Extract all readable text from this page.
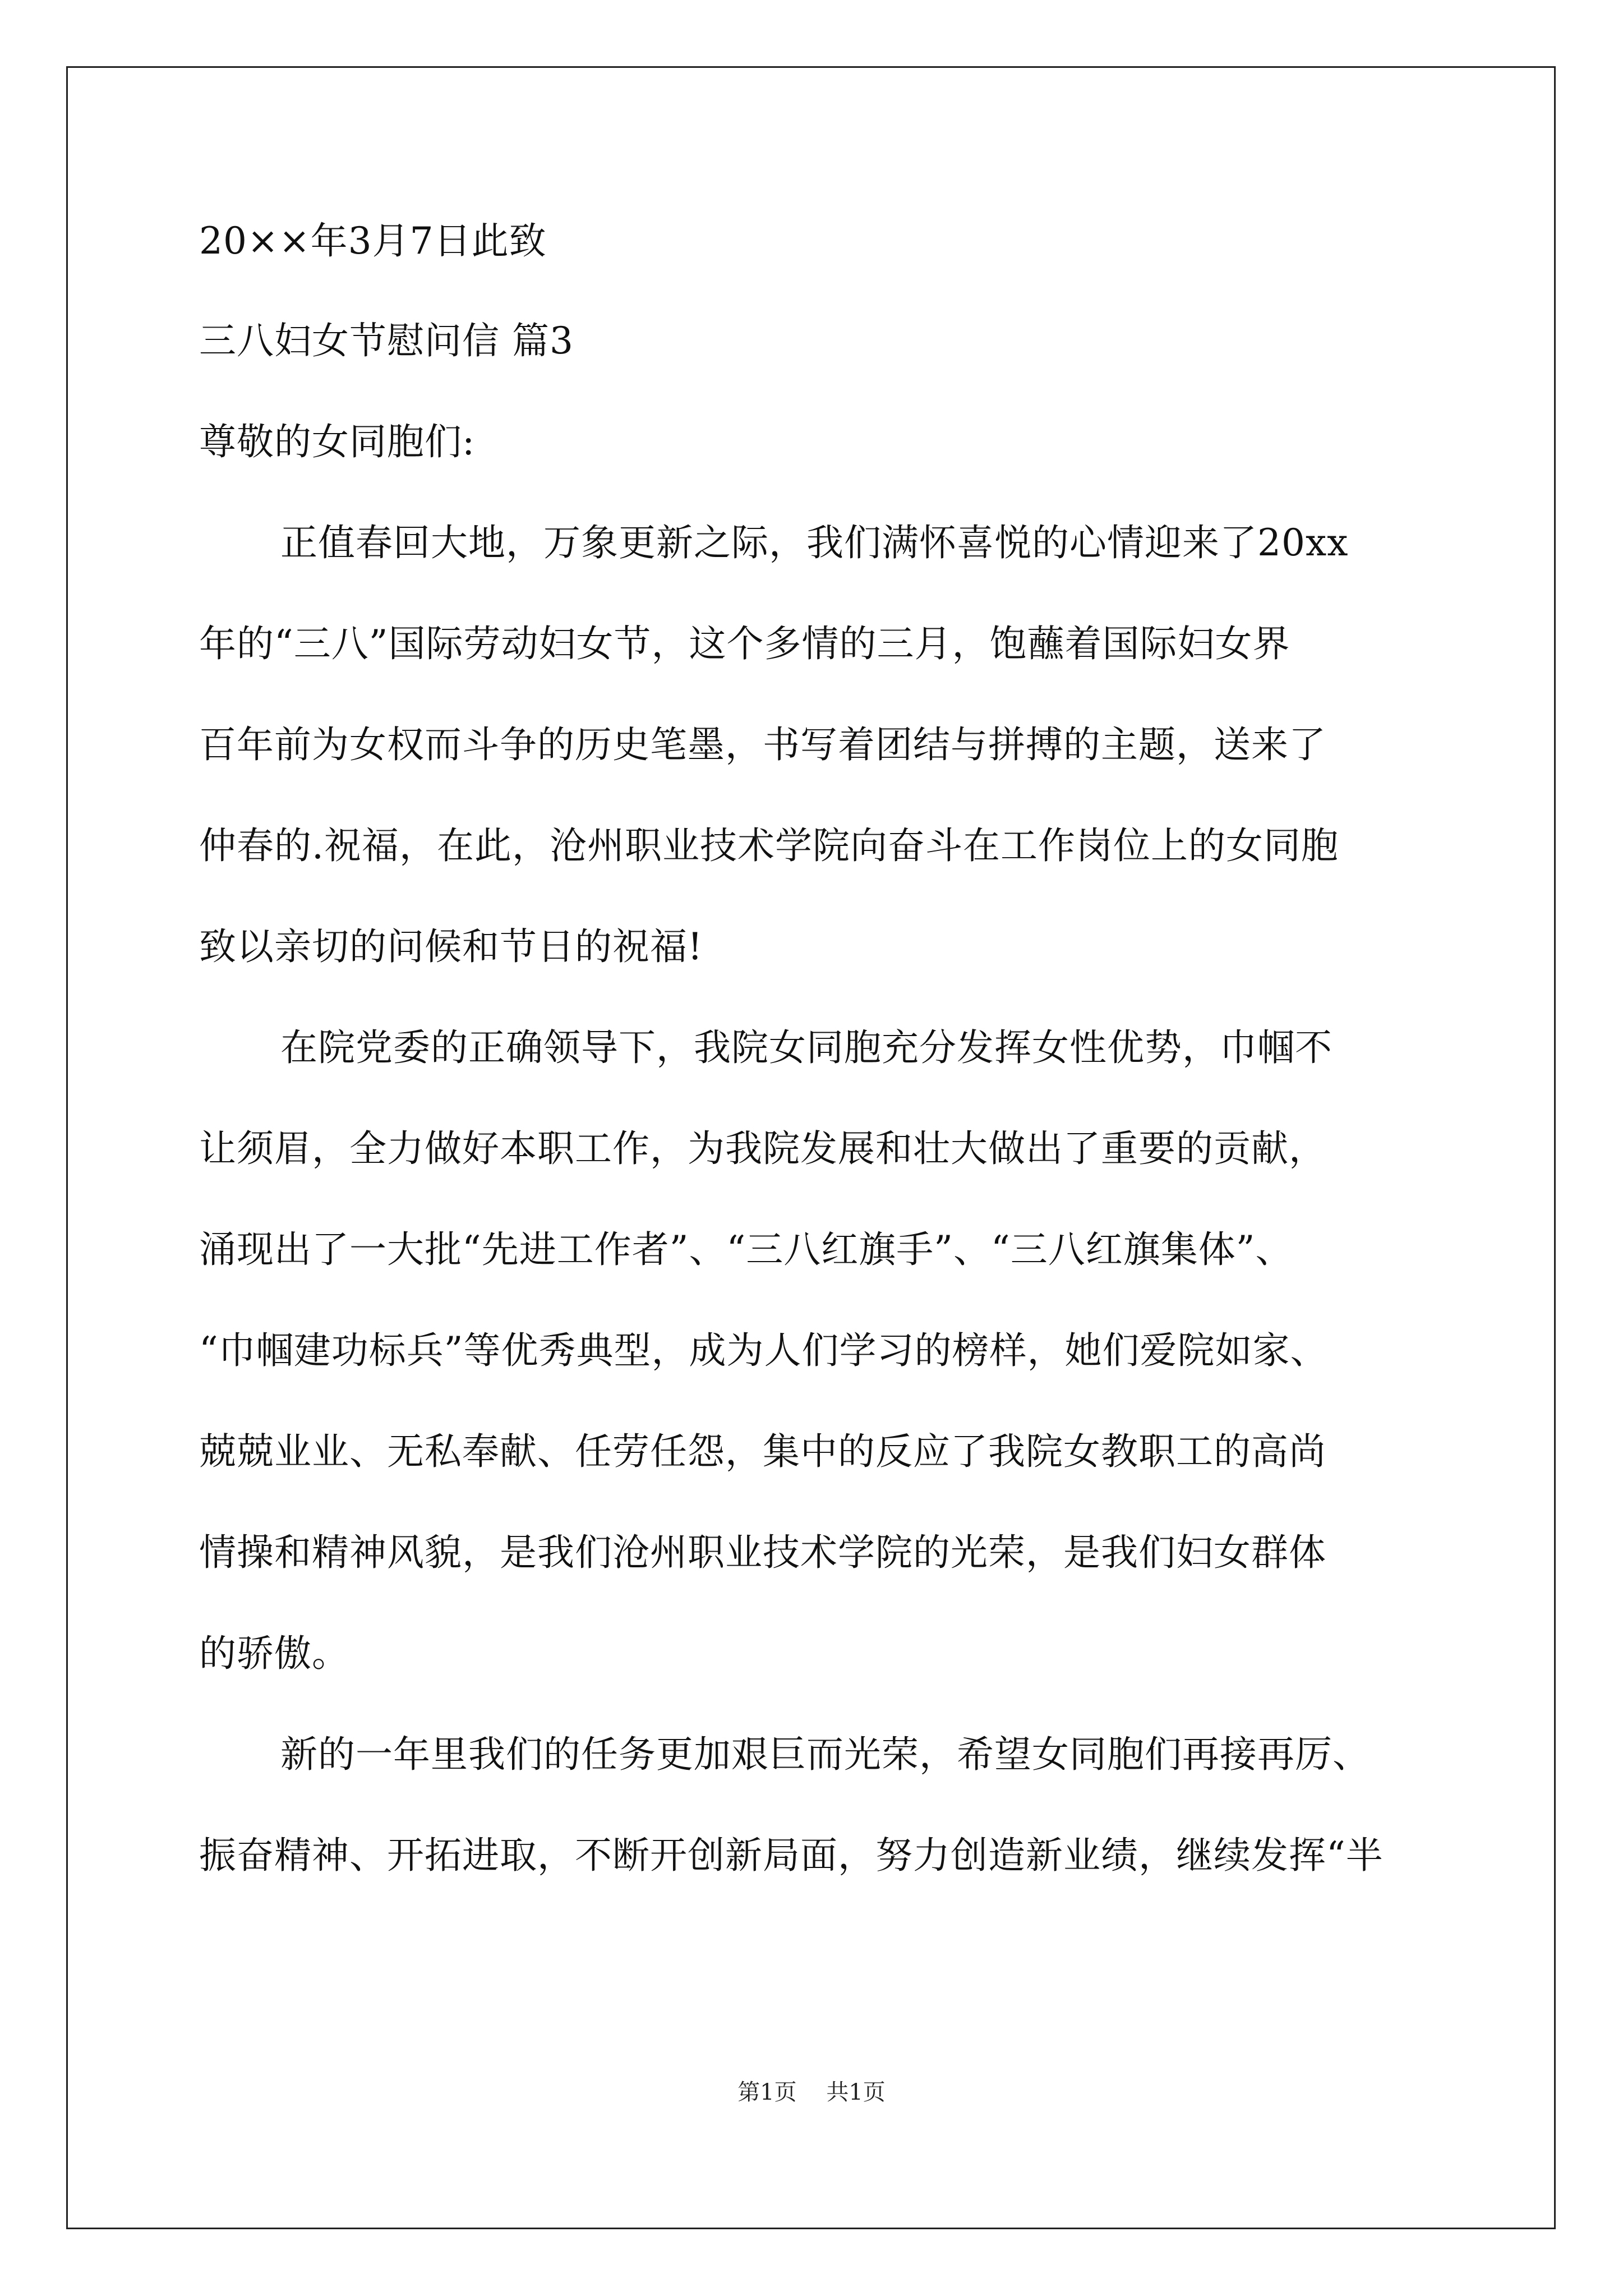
20××年3月7日此致
三八妇女节慰问信 篇3
尊敬的女同胞们:
正值春回大地，万象更新之际，我们满怀喜悦的心情迎来了20xx
年的“三八”国际劳动妇女节，这个多情的三月，饱蘸着国际妇女界
百年前为女权而斗争的历史笔墨，书写着团结与拼搏的主题，送来了
仲春的.祝福，在此，沧州职业技术学院向奋斗在工作岗位上的女同胞
致以亲切的问候和节日的祝福!
在院党委的正确领导下，我院女同胞充分发挥女性优势，巾帼不
让须眉，全力做好本职工作，为我院发展和壮大做出了重要的贡献，
涌现出了一大批“先进工作者”、“三八红旗手”、“三八红旗集体”、
“巾帼建功标兵”等优秀典型，成为人们学习的榜样，她们爱院如家、
兢兢业业、无私奉献、任劳任怨，集中的反应了我院女教职工的高尚
情操和精神风貌，是我们沧州职业技术学院的光荣，是我们妇女群体
的骄傲。
新的一年里我们的任务更加艰巨而光荣，希望女同胞们再接再厉、
振奋精神、开拓进取，不断开创新局面，努力创造新业绩，继续发挥“半
第1页 共1页
